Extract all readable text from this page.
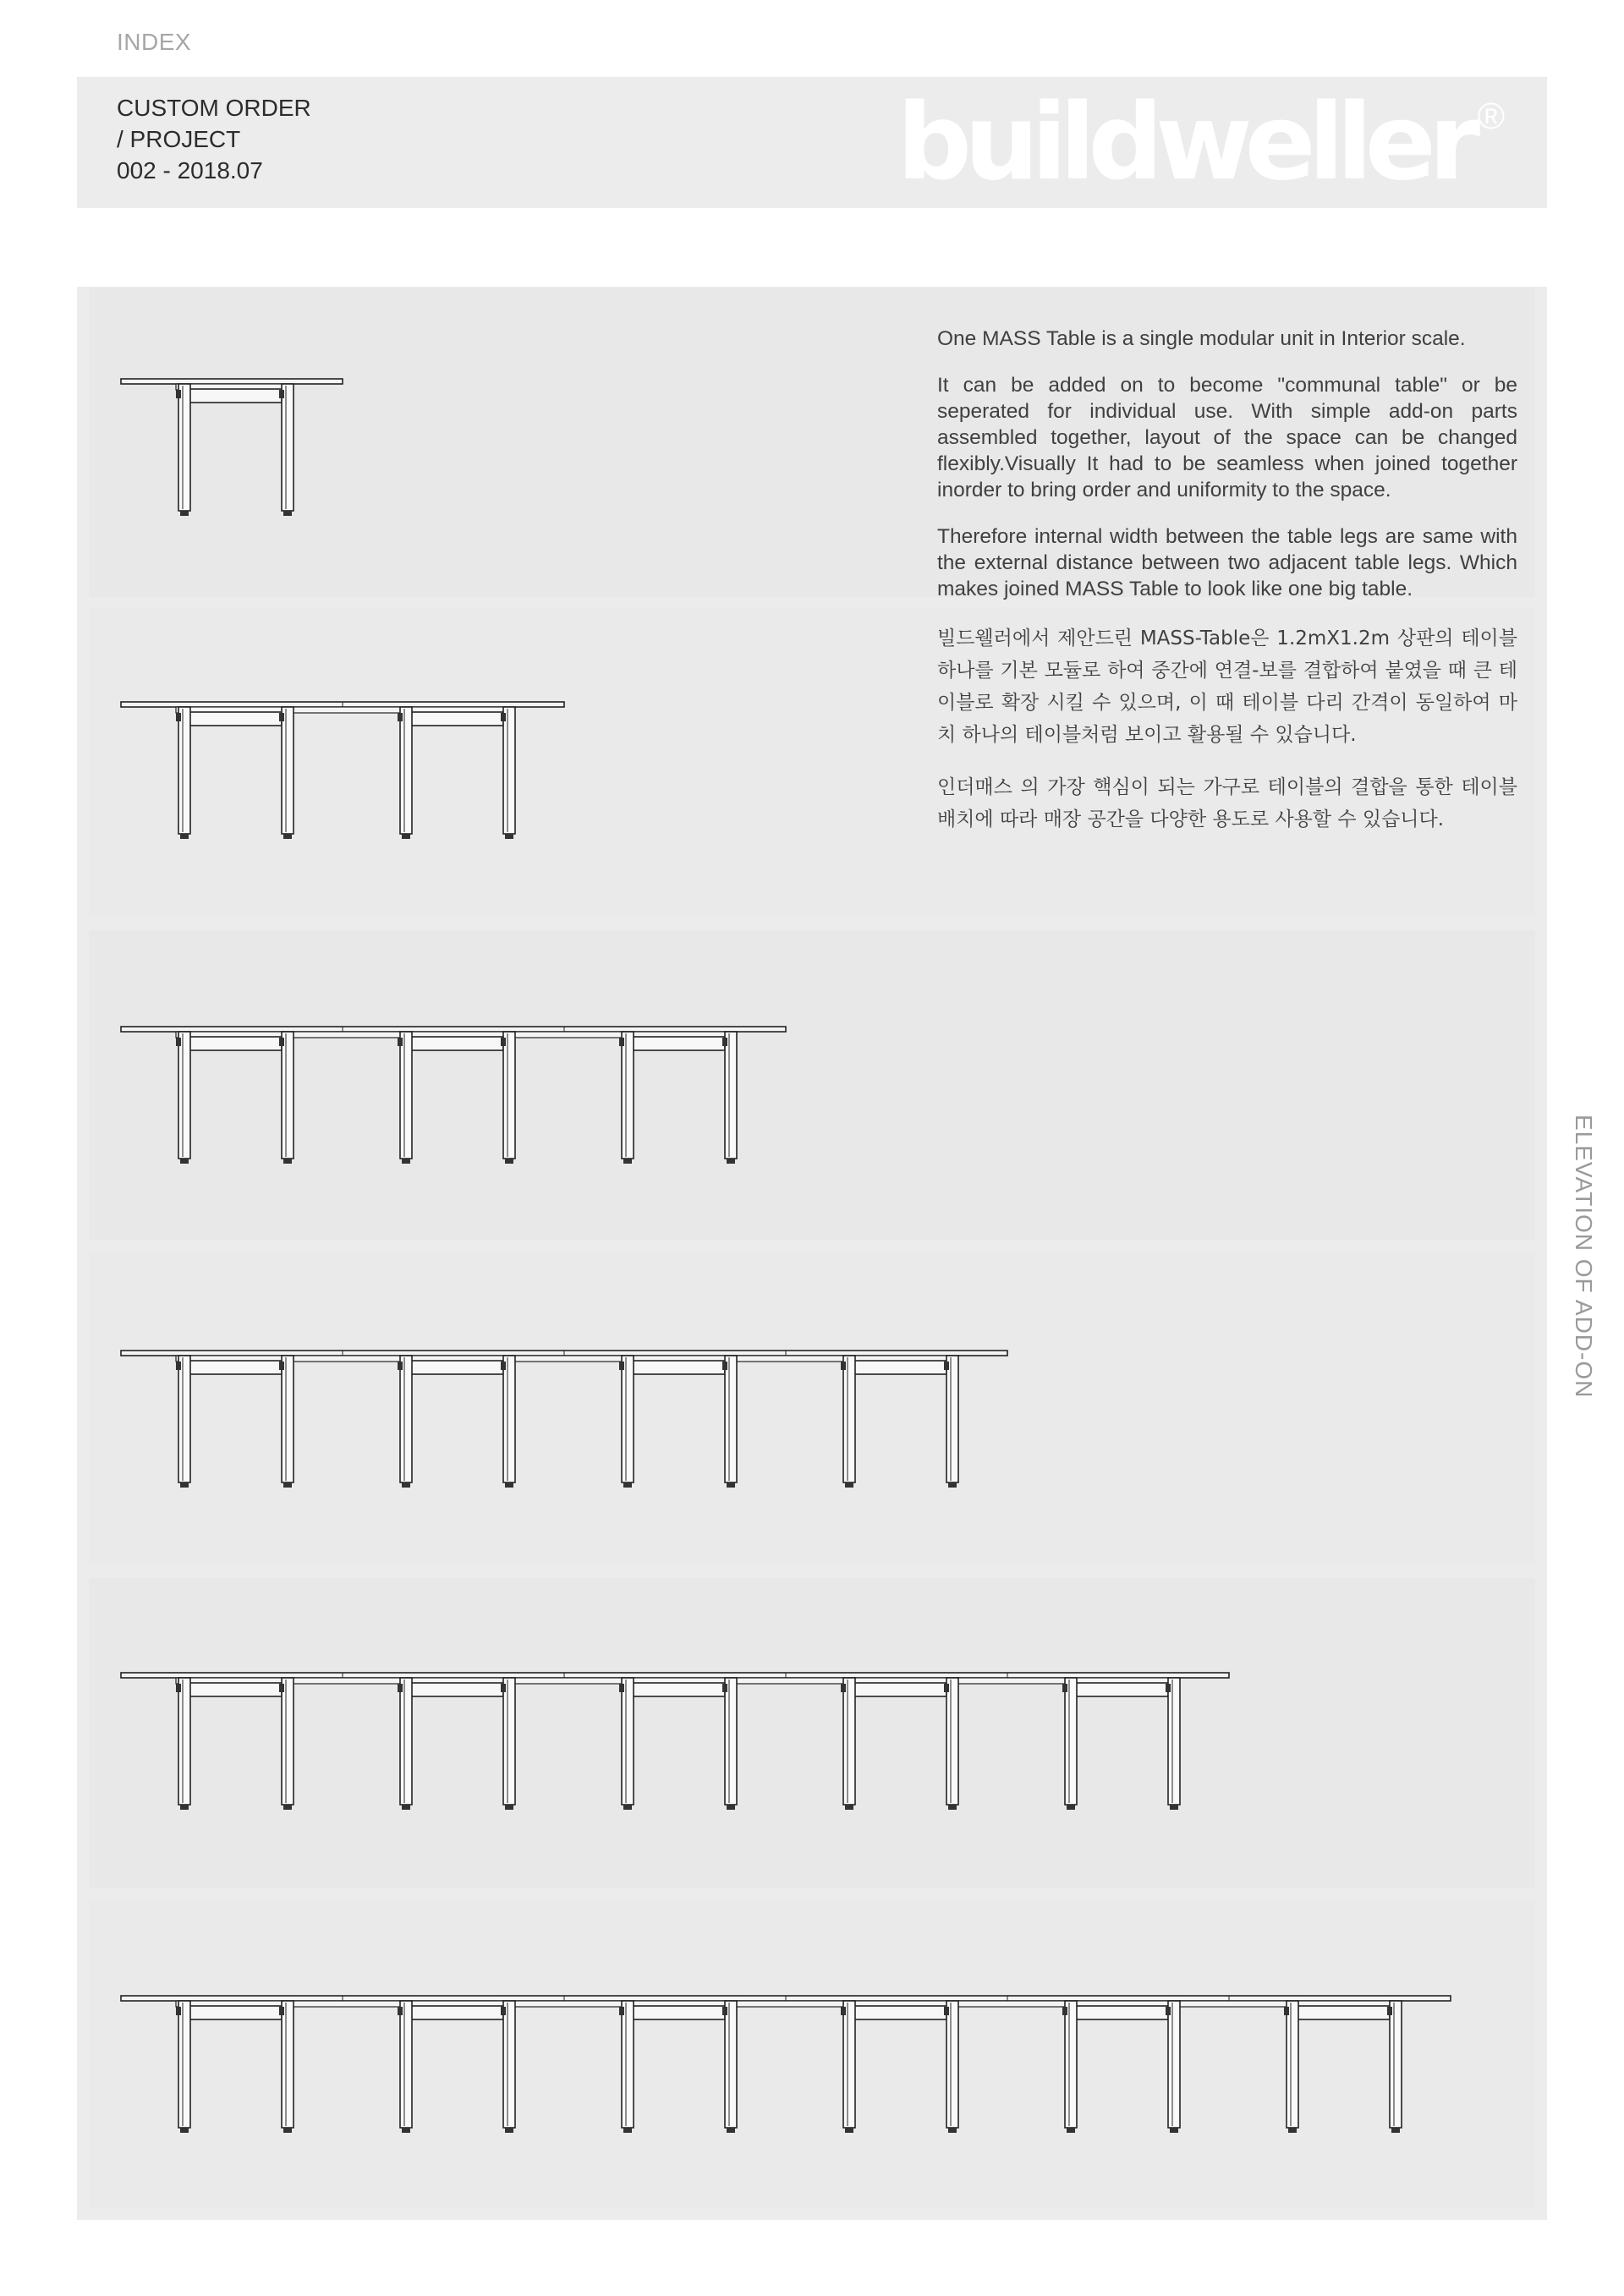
INDEX
CUSTOM ORDER
/ PROJECT
002 - 2018.07	buildweller ®

One MASS Table is a single modular unit in Interior scale.

It can be added on to become "communal table" or be seperated for individual use. With simple add-on parts assembled together, layout of the space can be changed flexibly.Visually It had to be seamless when joined together inorder to bring order and uniformity to the space.

Therefore internal width between the table legs are same with the external distance between two adjacent table legs. Which makes joined MASS Table to look like one big table.

빌드웰러에서 제안드린 MASS-Table은 1.2mX1.2m 상판의 테이블 하나를 기본 모듈로 하여 중간에 연결-보를 결합하여 붙였을 때 큰 테이블로 확장 시킬 수 있으며, 이 때 테이블 다리 간격이 동일하여 마치 하나의 테이블처럼 보이고 활용될 수 있습니다.

인더매스 의 가장 핵심이 되는 가구로 테이블의 결합을 통한 테이블 배치에 따라 매장 공간을 다양한 용도로 사용할 수 있습니다.

ELEVATION OF ADD-ON
